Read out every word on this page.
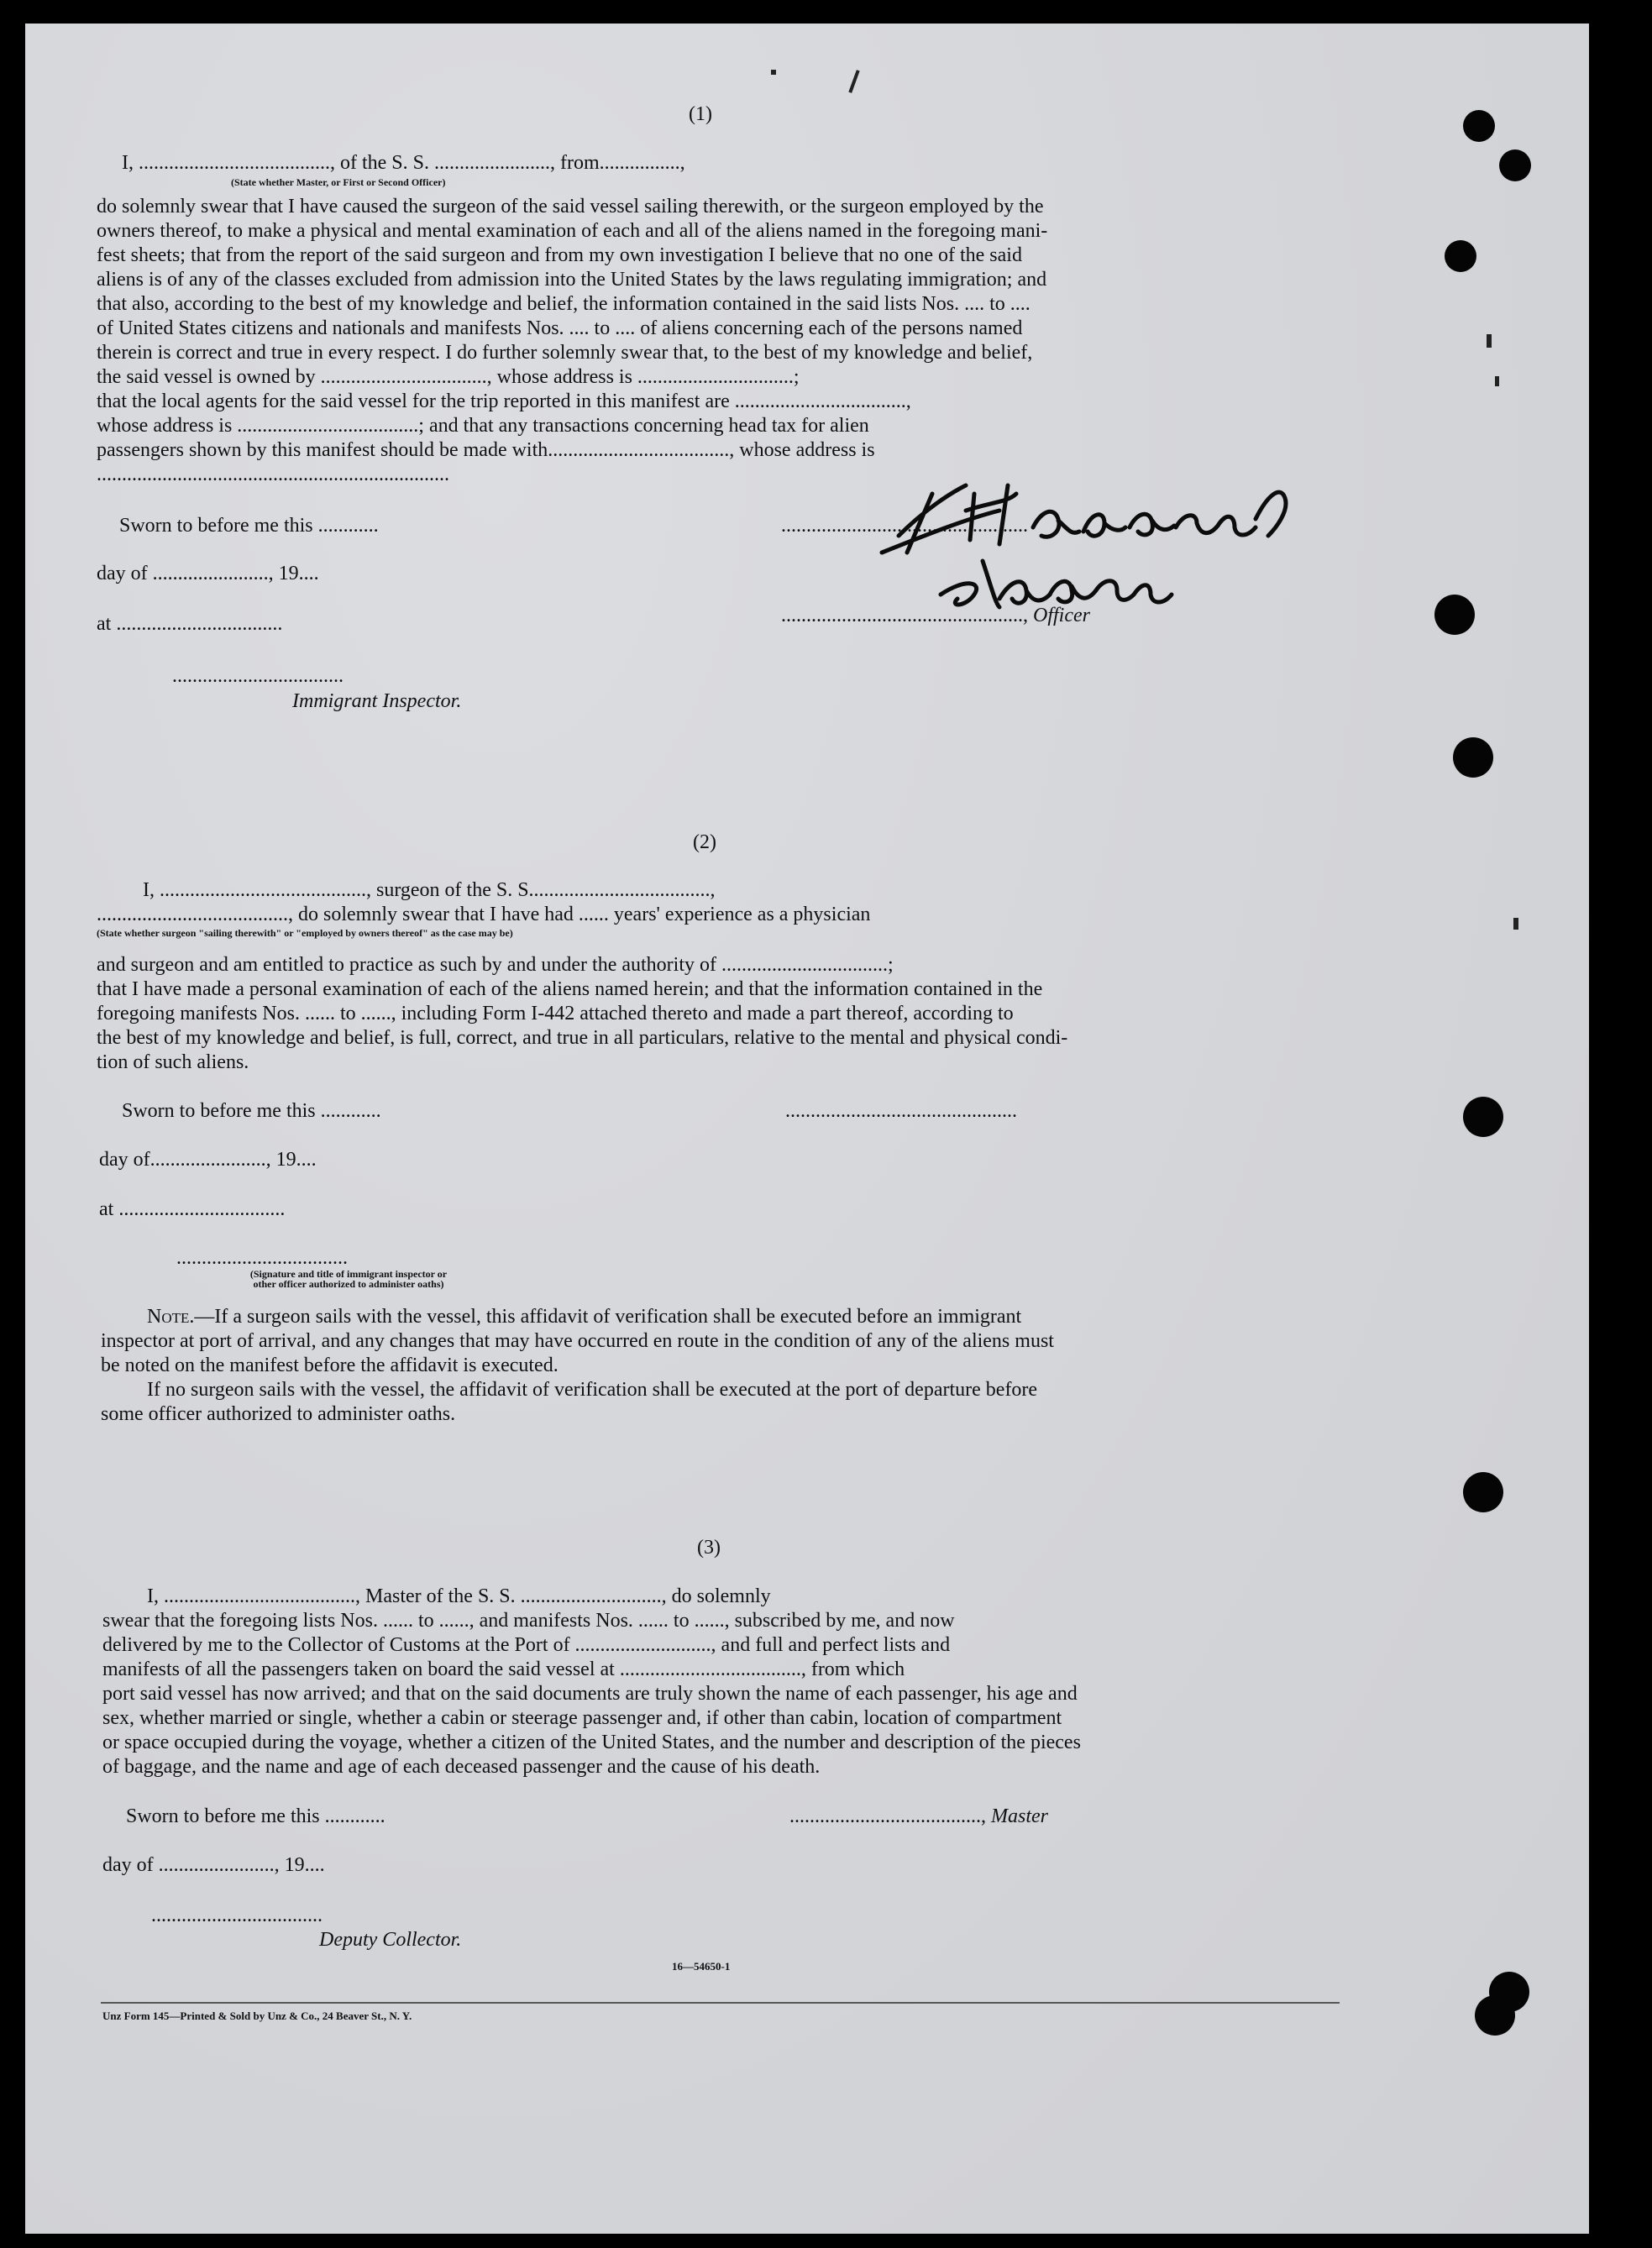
(1)
I, ......................................, of the S. S. ......................., from................,
(State whether Master, or First or Second Officer)
do solemnly swear that I have caused the surgeon of the said vessel sailing therewith, or the surgeon employed by the
owners thereof, to make a physical and mental examination of each and all of the aliens named in the foregoing mani-
fest sheets; that from the report of the said surgeon and from my own investigation I believe that no one of the said
aliens is of any of the classes excluded from admission into the United States by the laws regulating immigration; and
that also, according to the best of my knowledge and belief, the information contained in the said lists Nos. .... to ....
of United States citizens and nationals and manifests Nos. .... to .... of aliens concerning each of the persons named
therein is correct and true in every respect. I do further solemnly swear that, to the best of my knowledge and belief,
the said vessel is owned by ................................., whose address is ...............................;
that the local agents for the said vessel for the trip reported in this manifest are ..................................,
whose address is ....................................; and that any transactions concerning head tax for alien
passengers shown by this manifest should be made with...................................., whose address is
......................................................................
Sworn to before me this ............
day of ......................., 19....
at .................................
..................................
Immigrant Inspector.
.................................................
................................................, Officer
(2)
I, ........................................., surgeon of the S. S....................................,
......................................, do solemnly swear that I have had ...... years' experience as a physician
(State whether surgeon "sailing therewith" or "employed by owners thereof" as the case may be)
and surgeon and am entitled to practice as such by and under the authority of .................................;
that I have made a personal examination of each of the aliens named herein; and that the information contained in the
foregoing manifests Nos. ...... to ......, including Form I-442 attached thereto and made a part thereof, according to
the best of my knowledge and belief, is full, correct, and true in all particulars, relative to the mental and physical condi-
tion of such aliens.
Sworn to before me this ............	..............................................
day of......................., 19....
at .................................
..................................
(Signature and title of immigrant inspector or
other officer authorized to administer oaths)
Note.—If a surgeon sails with the vessel, this affidavit of verification shall be executed before an immigrant
inspector at port of arrival, and any changes that may have occurred en route in the condition of any of the aliens must
be noted on the manifest before the affidavit is executed.
If no surgeon sails with the vessel, the affidavit of verification shall be executed at the port of departure before
some officer authorized to administer oaths.
(3)
I, ......................................, Master of the S. S. ............................, do solemnly
swear that the foregoing lists Nos. ...... to ......, and manifests Nos. ...... to ......, subscribed by me, and now
delivered by me to the Collector of Customs at the Port of ..........................., and full and perfect lists and
manifests of all the passengers taken on board the said vessel at ...................................., from which
port said vessel has now arrived; and that on the said documents are truly shown the name of each passenger, his age and
sex, whether married or single, whether a cabin or steerage passenger and, if other than cabin, location of compartment
or space occupied during the voyage, whether a citizen of the United States, and the number and description of the pieces
of baggage, and the name and age of each deceased passenger and the cause of his death.
Sworn to before me this ............	......................................, Master
day of ......................., 19....
..................................
Deputy Collector.
16—54650-1
Unz Form 145—Printed & Sold by Unz & Co., 24 Beaver St., N. Y.
